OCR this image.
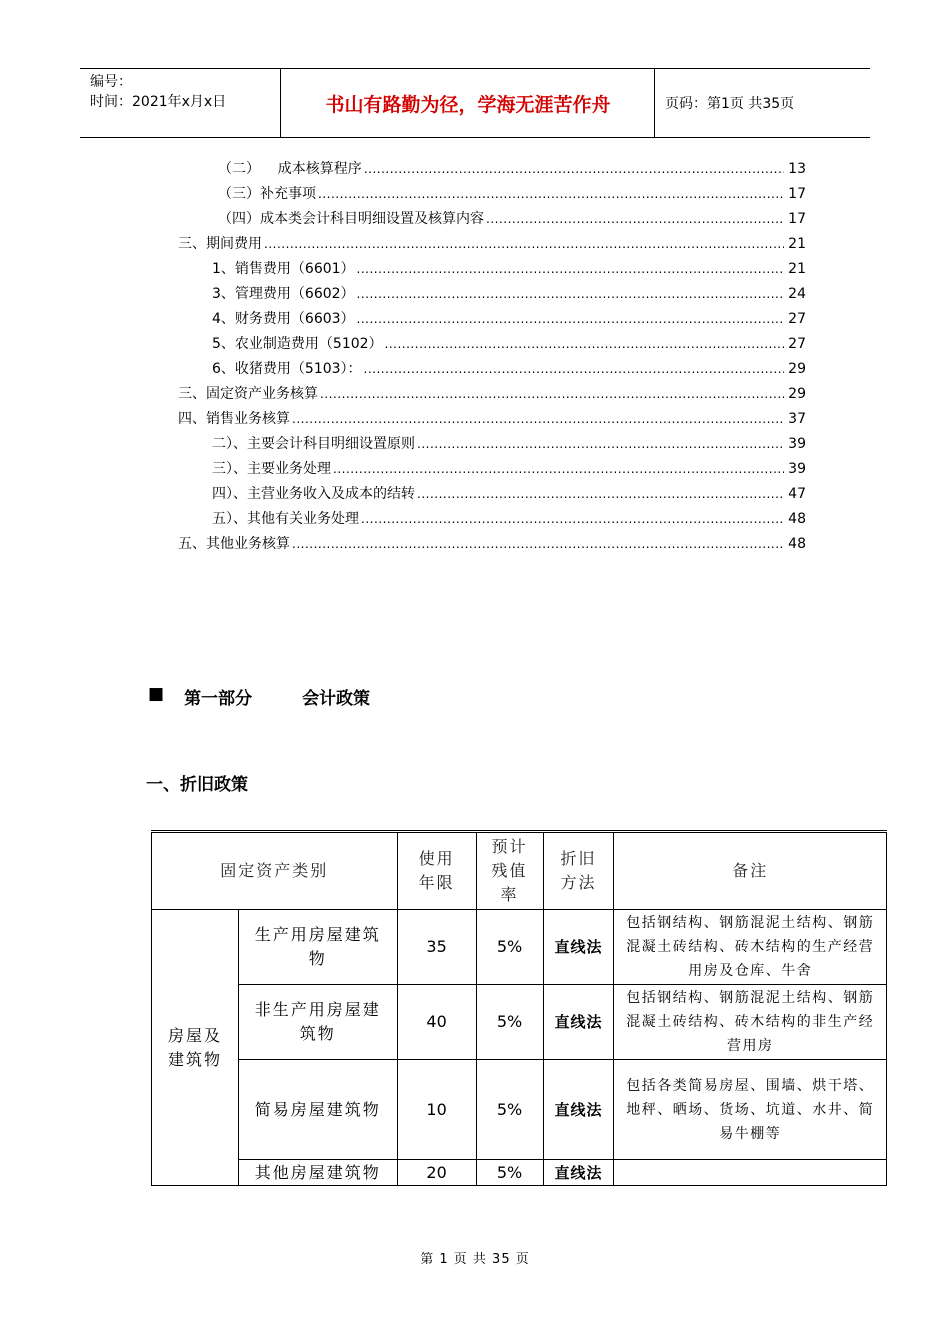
编号：
时间：2021年x月x日	书山有路勤为径，学海无涯苦作舟	页码：第1页 共35页
（二）    成本核算程序 .....	13
（三）补充事项 .....	17
（四）成本类会计科目明细设置及核算内容 .....	17
三、期间费用 .....	21
1、销售费用（6601） .....	21
3、管理费用（6602） .....	24
4、财务费用（6603） .....	27
5、农业制造费用（5102） .....	27
6、收猪费用（5103）： .....	29
三、固定资产业务核算 .....	29
四、销售业务核算 .....	37
二）、主要会计科目明细设置原则 .....	39
三）、主要业务处理 .....	39
四）、主营业务收入及成本的结转 .....	47
五）、其他有关业务处理 .....	48
五、其他业务核算 .....	48
■ 第一部分	会计政策
一、折旧政策
固定资产类别		使用年限	预计残值率	折旧方法	备注
房屋及建筑物	生产用房屋建筑物	35	5%	直线法	包括钢结构、钢筋混泥土结构、钢筋混凝土砖结构、砖木结构的生产经营用房及仓库、牛舍
	非生产用房屋建筑物	40	5%	直线法	包括钢结构、钢筋混泥土结构、钢筋混凝土砖结构、砖木结构的非生产经营用房
	简易房屋建筑物	10	5%	直线法	包括各类简易房屋、围墙、烘干塔、地秤、晒场、货场、坑道、水井、简易牛棚等
	其他房屋建筑物	20	5%	直线法	
第 1 页 共 35 页
